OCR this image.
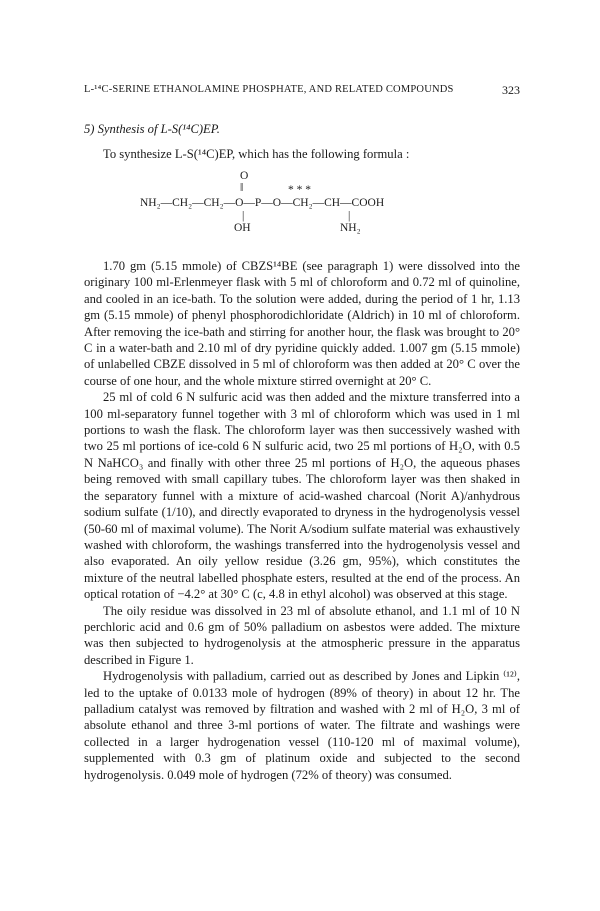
L-¹⁴C-SERINE ETHANOLAMINE PHOSPHATE, AND RELATED COMPOUNDS	323
5) Synthesis of L-S(¹⁴C)EP.
To synthesize L-S(¹⁴C)EP, which has the following formula :
O
‖	* * *
NH₂—CH₂—CH₂—O—P—O—CH₂—CH—COOH
|	|
OH	NH₂

1.70 gm (5.15 mmole) of CBZS¹⁴BE (see paragraph 1) were dissolved into the originary 100 ml-Erlenmeyer flask with 5 ml of chloroform and 0.72 ml of quinoline, and cooled in an ice-bath. To the solution were added, during the period of 1 hr, 1.13 gm (5.15 mmole) of phenyl phosphorodichloridate (Aldrich) in 10 ml of chloroform. After removing the ice-bath and stirring for another hour, the flask was brought to 20° C in a water-bath and 2.10 ml of dry pyridine quickly added. 1.007 gm (5.15 mmole) of unlabelled CBZE dissolved in 5 ml of chloroform was then added at 20° C over the course of one hour, and the whole mixture stirred overnight at 20° C.

25 ml of cold 6 N sulfuric acid was then added and the mixture transferred into a 100 ml-separatory funnel together with 3 ml of chloroform which was used in 1 ml portions to wash the flask. The chloroform layer was then successively washed with two 25 ml portions of ice-cold 6 N sulfuric acid, two 25 ml portions of H₂O, with 0.5 N NaHCO₃ and finally with other three 25 ml portions of H₂O, the aqueous phases being removed with small capillary tubes. The chloroform layer was then shaked in the separatory funnel with a mixture of acid-washed charcoal (Norit A)/anhydrous sodium sulfate (1/10), and directly evaporated to dryness in the hydrogenolysis vessel (50-60 ml of maximal volume). The Norit A/sodium sulfate material was exhaustively washed with chloroform, the washings transferred into the hydrogenolysis vessel and also evaporated. An oily yellow residue (3.26 gm, 95%), which constitutes the mixture of the neutral labelled phosphate esters, resulted at the end of the process. An optical rotation of −4.2° at 30° C (c, 4.8 in ethyl alcohol) was observed at this stage.

The oily residue was dissolved in 23 ml of absolute ethanol, and 1.1 ml of 10 N perchloric acid and 0.6 gm of 50% palladium on asbestos were added. The mixture was then subjected to hydrogenolysis at the atmospheric pressure in the apparatus described in Figure 1.

Hydrogenolysis with palladium, carried out as described by Jones and Lipkin ⁽¹²⁾, led to the uptake of 0.0133 mole of hydrogen (89% of theory) in about 12 hr. The palladium catalyst was removed by filtration and washed with 2 ml of H₂O, 3 ml of absolute ethanol and three 3-ml portions of water. The filtrate and washings were collected in a larger hydrogenation vessel (110-120 ml of maximal volume), supplemented with 0.3 gm of platinum oxide and subjected to the second hydrogenolysis. 0.049 mole of hydrogen (72% of theory) was consumed.
